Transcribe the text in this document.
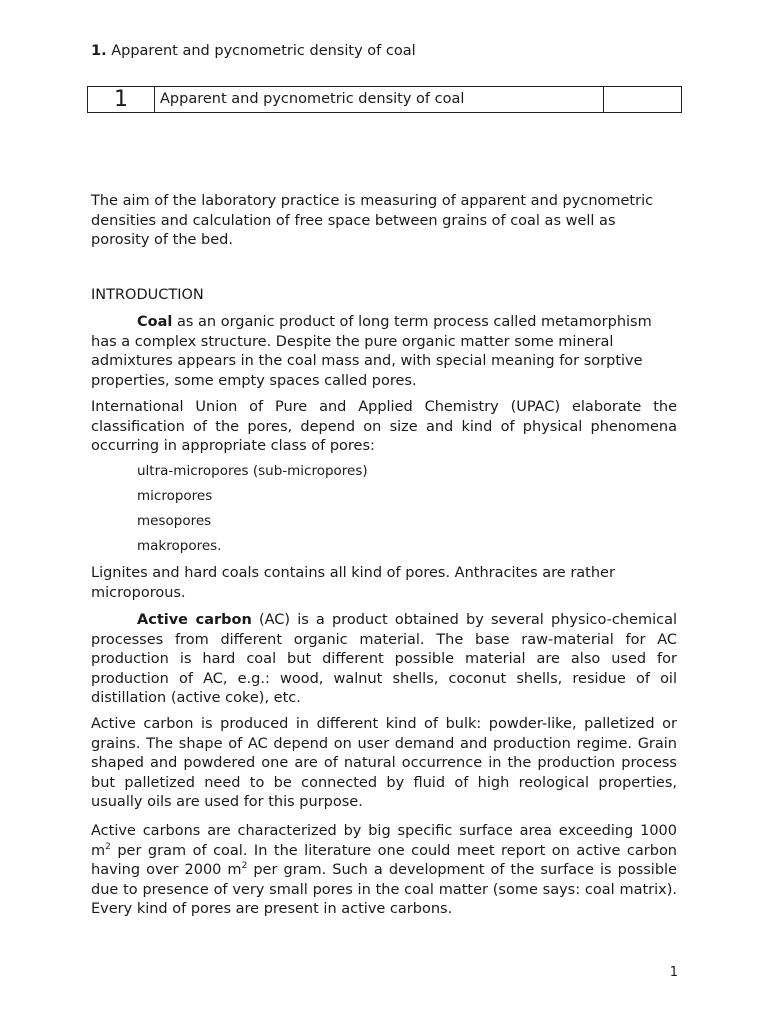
1. Apparent and pycnometric density of coal
1	Apparent and pycnometric density of coal	

The aim of the laboratory practice is measuring of apparent and pycnometric densities and calculation of free space between grains of coal as well as porosity of the bed.

INTRODUCTION

Coal as an organic product of long term process called metamorphism has a complex structure. Despite the pure organic matter some mineral admixtures appears in the coal mass and, with special meaning for sorptive properties, some empty spaces called pores.

International Union of Pure and Applied Chemistry (UPAC) elaborate the classification of the pores, depend on size and kind of physical phenomena occurring in appropriate class of pores:

ultra-micropores (sub-micropores)
micropores
mesopores
makropores.

Lignites and hard coals contains all kind of pores. Anthracites are rather microporous.

Active carbon (AC) is a product obtained by several physico-chemical processes from different organic material. The base raw-material for AC production is hard coal but different possible material are also used for production of AC, e.g.: wood, walnut shells, coconut shells, residue of oil distillation (active coke), etc.

Active carbon is produced in different kind of bulk: powder-like, palletized or grains. The shape of AC depend on user demand and production regime. Grain shaped and powdered one are of natural occurrence in the production process but palletized need to be connected by fluid of high reological properties, usually oils are used for this purpose.

Active carbons are characterized by big specific surface area exceeding 1000 $m^2$ per gram of coal. In the literature one could meet report on active carbon having over 2000 $m^2$ per gram. Such a development of the surface is possible due to presence of very small pores in the coal matter (some says: coal matrix). Every kind of pores are present in active carbons.

1
